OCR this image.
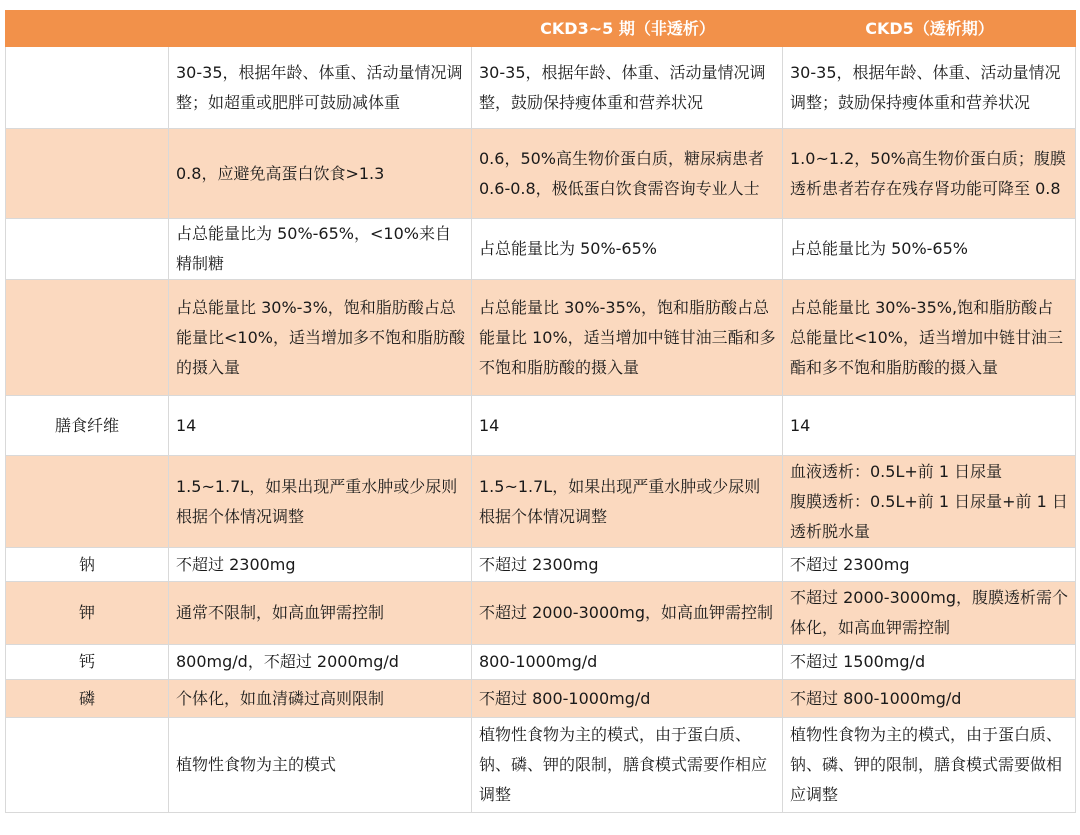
		CKD3~5 期（非透析）	CKD5（透析期）
	30-35，根据年龄、体重、活动量情况调整；如超重或肥胖可鼓励减体重	30-35，根据年龄、体重、活动量情况调整，鼓励保持瘦体重和营养状况	30-35，根据年龄、体重、活动量情况调整；鼓励保持瘦体重和营养状况
	0.8，应避免高蛋白饮食>1.3	0.6，50%高生物价蛋白质，糖尿病患者 0.6-0.8，极低蛋白饮食需咨询专业人士	1.0~1.2，50%高生物价蛋白质；腹膜透析患者若存在残存肾功能可降至 0.8
	占总能量比为 50%-65%，<10%来自精制糖	占总能量比为 50%-65%	占总能量比为 50%-65%
	占总能量比 30%-3%，饱和脂肪酸占总能量比<10%，适当增加多不饱和脂肪酸的摄入量	占总能量比 30%-35%，饱和脂肪酸占总能量比 10%，适当增加中链甘油三酯和多不饱和脂肪酸的摄入量	占总能量比 30%-35%,饱和脂肪酸占总能量比<10%，适当增加中链甘油三酯和多不饱和脂肪酸的摄入量
膳食纤维	14	14	14
	1.5~1.7L，如果出现严重水肿或少尿则根据个体情况调整	1.5~1.7L，如果出现严重水肿或少尿则根据个体情况调整	血液透析：0.5L+前 1 日尿量
腹膜透析：0.5L+前 1 日尿量+前 1 日透析脱水量
钠	不超过 2300mg	不超过 2300mg	不超过 2300mg
钾	通常不限制，如高血钾需控制	不超过 2000-3000mg，如高血钾需控制	不超过 2000-3000mg，腹膜透析需个体化，如高血钾需控制
钙	800mg/d，不超过 2000mg/d	800-1000mg/d	不超过 1500mg/d
磷	个体化，如血清磷过高则限制	不超过 800-1000mg/d	不超过 800-1000mg/d
	植物性食物为主的模式	植物性食物为主的模式，由于蛋白质、钠、磷、钾的限制，膳食模式需要作相应调整	植物性食物为主的模式，由于蛋白质、钠、磷、钾的限制，膳食模式需要做相应调整
